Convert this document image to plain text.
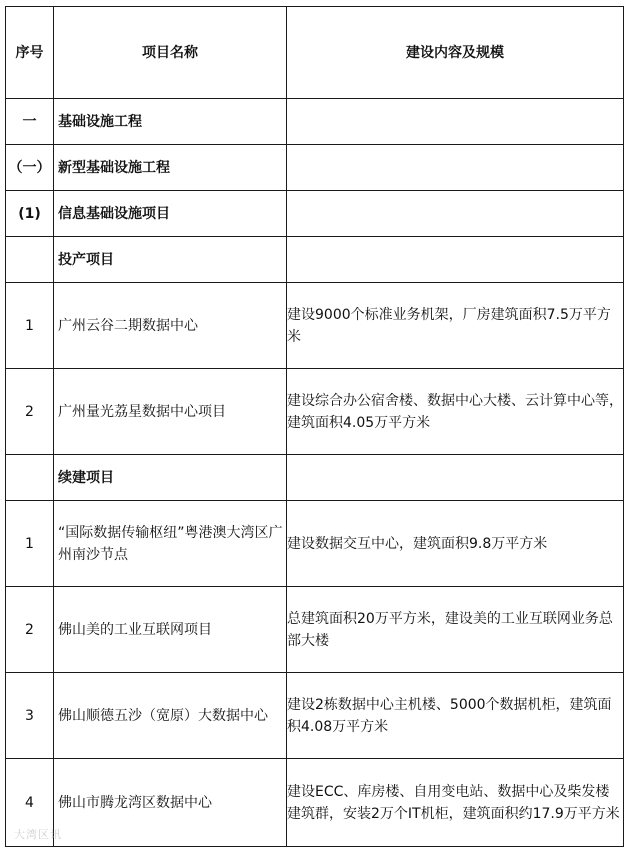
序号	项目名称	建设内容及规模
一	基础设施工程	
（一）	新型基础设施工程	
(1)	信息基础设施项目	
	投产项目	
1	广州云谷二期数据中心	建设9000个标准业务机架，厂房建筑面积7.5万平方米
2	广州量光荔星数据中心项目	建设综合办公宿舍楼、数据中心大楼、云计算中心等，建筑面积4.05万平方米
	续建项目	
1	“国际数据传输枢纽”粤港澳大湾区广州南沙节点	建设数据交互中心，建筑面积9.8万平方米
2	佛山美的工业互联网项目	总建筑面积20万平方米，建设美的工业互联网业务总部大楼
3	佛山顺德五沙（宽原）大数据中心	建设2栋数据中心主机楼、5000个数据机柜，建筑面积4.08万平方米
4	佛山市腾龙湾区数据中心	建设ECC、库房楼、自用变电站、数据中心及柴发楼建筑群，安装2万个IT机柜，建筑面积约17.9万平方米
大湾区讯
